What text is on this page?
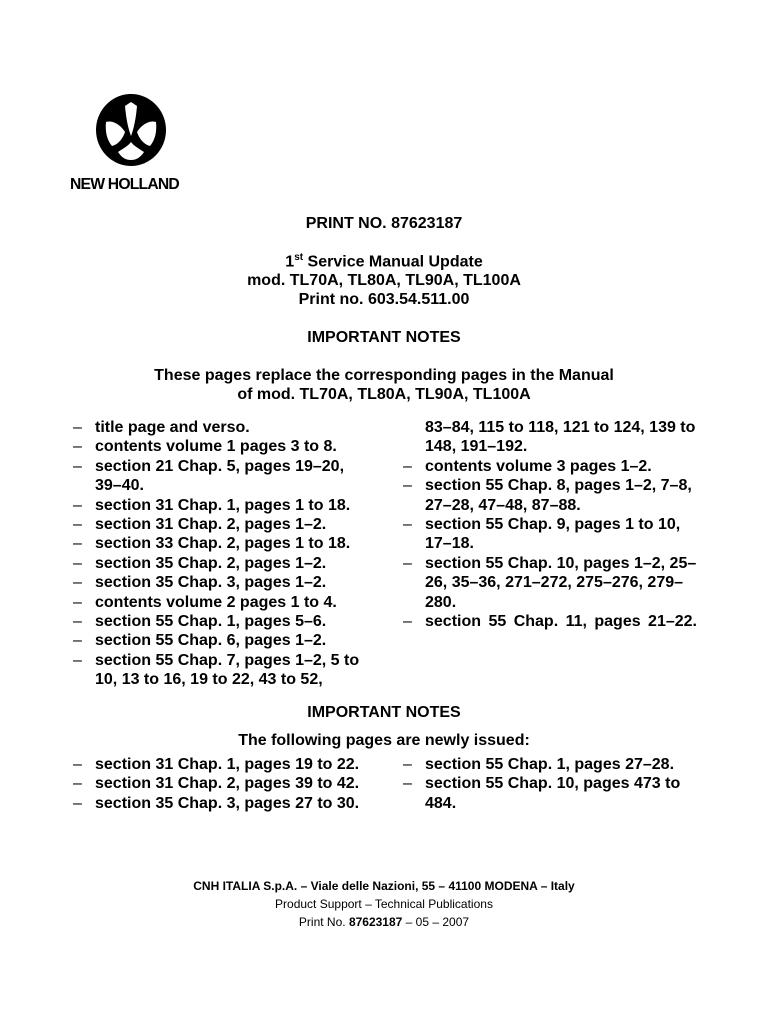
NEW HOLLAND
PRINT NO. 87623187
1st Service Manual Update
mod. TL70A, TL80A, TL90A, TL100A
Print no. 603.54.511.00
IMPORTANT NOTES
These pages replace the corresponding pages in the Manual
of mod. TL70A, TL80A, TL90A, TL100A
– title page and verso.
– contents volume 1 pages 3 to 8.
– section 21 Chap. 5, pages 19–20, 39–40.
– section 31 Chap. 1, pages 1 to 18.
– section 31 Chap. 2, pages 1–2.
– section 33 Chap. 2, pages 1 to 18.
– section 35 Chap. 2, pages 1–2.
– section 35 Chap. 3, pages 1–2.
– contents volume 2 pages 1 to 4.
– section 55 Chap. 1, pages 5–6.
– section 55 Chap. 6, pages 1–2.
– section 55 Chap. 7, pages 1–2, 5 to 10, 13 to 16, 19 to 22, 43 to 52,
83–84, 115 to 118, 121 to 124, 139 to 148, 191–192.
– contents volume 3 pages 1–2.
– section 55 Chap. 8, pages 1–2, 7–8, 27–28, 47–48, 87–88.
– section 55 Chap. 9, pages 1 to 10, 17–18.
– section 55 Chap. 10, pages 1–2, 25–26, 35–36, 271–272, 275–276, 279–280.
– section 55 Chap. 11, pages 21–22.
IMPORTANT NOTES
The following pages are newly issued:
– section 31 Chap. 1, pages 19 to 22.
– section 31 Chap. 2, pages 39 to 42.
– section 35 Chap. 3, pages 27 to 30.
– section 55 Chap. 1, pages 27–28.
– section 55 Chap. 10, pages 473 to 484.
CNH ITALIA S.p.A. – Viale delle Nazioni, 55 – 41100 MODENA – Italy
Product Support – Technical Publications
Print No. 87623187 – 05 – 2007
